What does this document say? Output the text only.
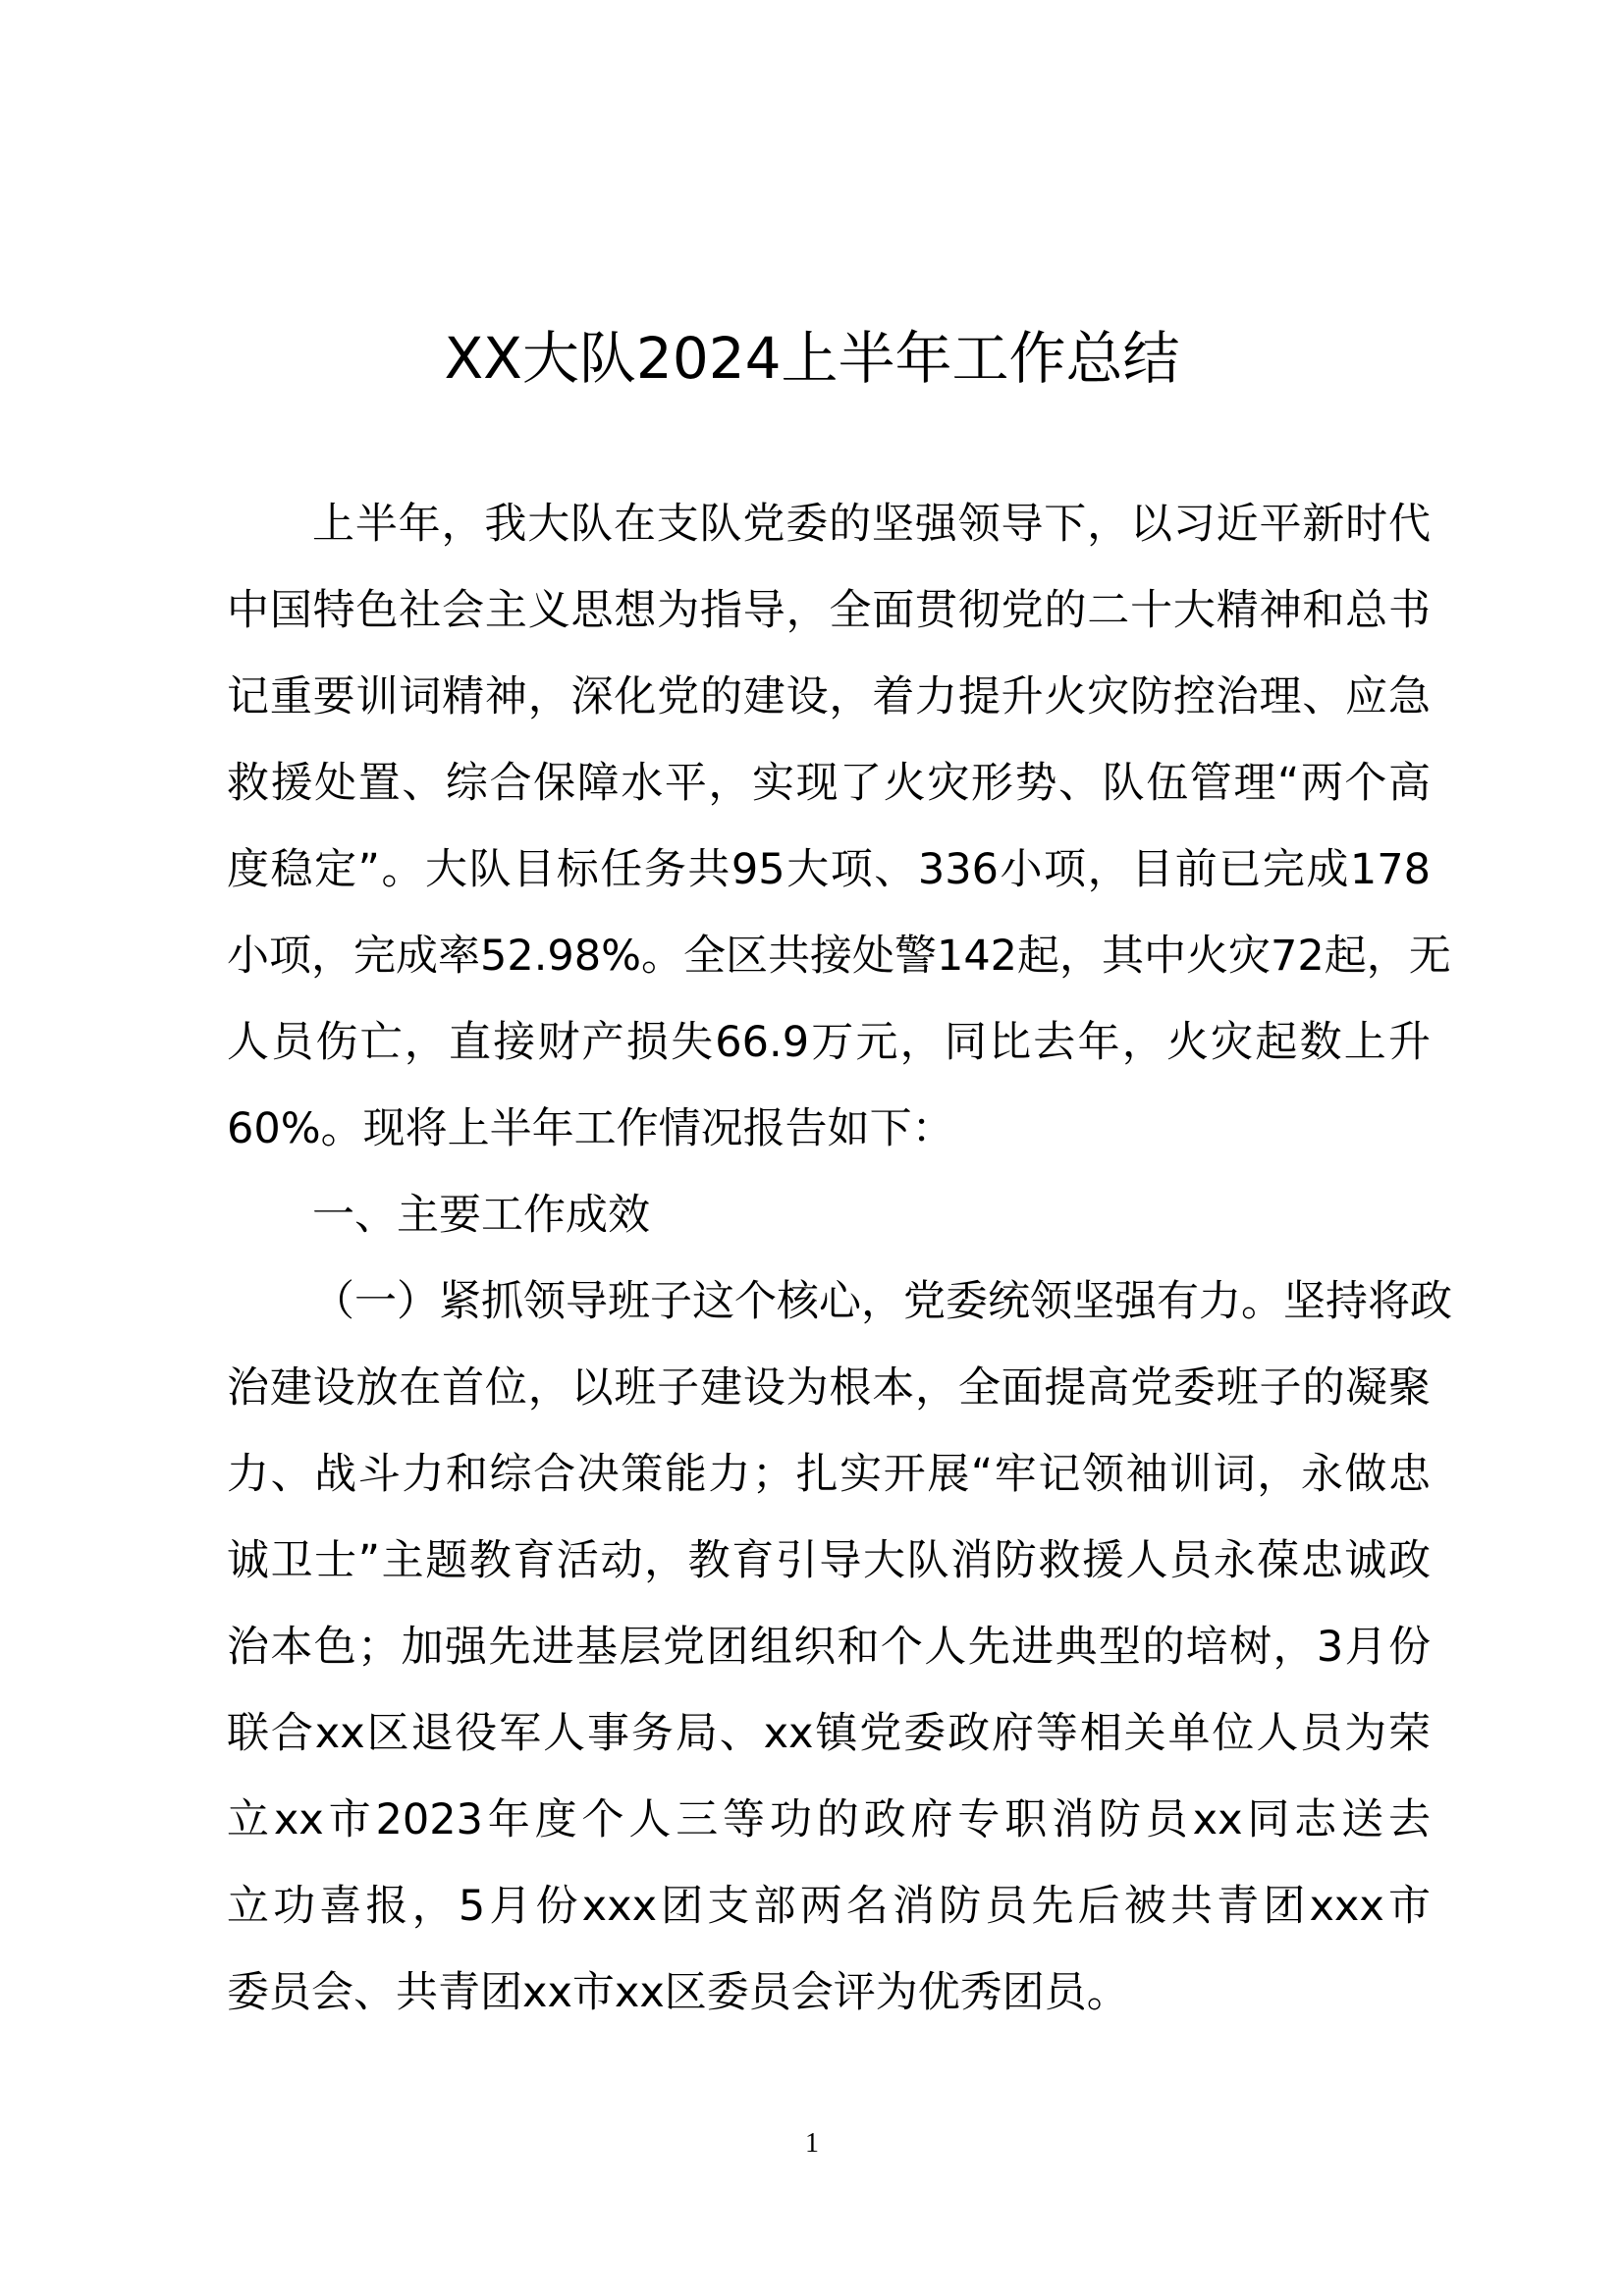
XX大队2024上半年工作总结
上半年，我大队在支队党委的坚强领导下，以习近平新时代
中国特色社会主义思想为指导，全面贯彻党的二十大精神和总书
记重要训词精神，深化党的建设，着力提升火灾防控治理、应急
救援处置、综合保障水平，实现了火灾形势、队伍管理“两个高
度稳定”。大队目标任务共95大项、336小项，目前已完成178
小项，完成率52.98%。全区共接处警142起，其中火灾72起，无
人员伤亡，直接财产损失66.9万元，同比去年，火灾起数上升
60%。现将上半年工作情况报告如下：
一、主要工作成效
（一）紧抓领导班子这个核心，党委统领坚强有力。坚持将政
治建设放在首位，以班子建设为根本，全面提高党委班子的凝聚
力、战斗力和综合决策能力；扎实开展“牢记领袖训词，永做忠
诚卫士”主题教育活动，教育引导大队消防救援人员永葆忠诚政
治本色；加强先进基层党团组织和个人先进典型的培树，3月份
联合xx区退役军人事务局、xx镇党委政府等相关单位人员为荣
立xx市2023年度个人三等功的政府专职消防员xx同志送去
立功喜报，5月份xxx团支部两名消防员先后被共青团xxx市
委员会、共青团xx市xx区委员会评为优秀团员。
1
